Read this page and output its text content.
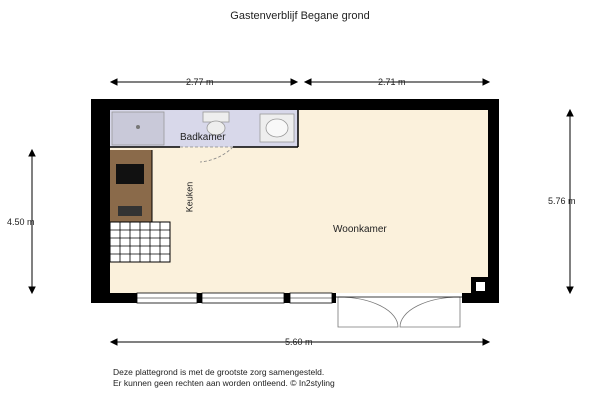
Gastenverblijf Begane grond
2.77 m	2.71 m
4.50 m
5.76 m
5.60 m
Badkamer
Keuken
Woonkamer
Deze plattegrond is met de grootste zorg samengesteld.
Er kunnen geen rechten aan worden ontleend. © In2styling
